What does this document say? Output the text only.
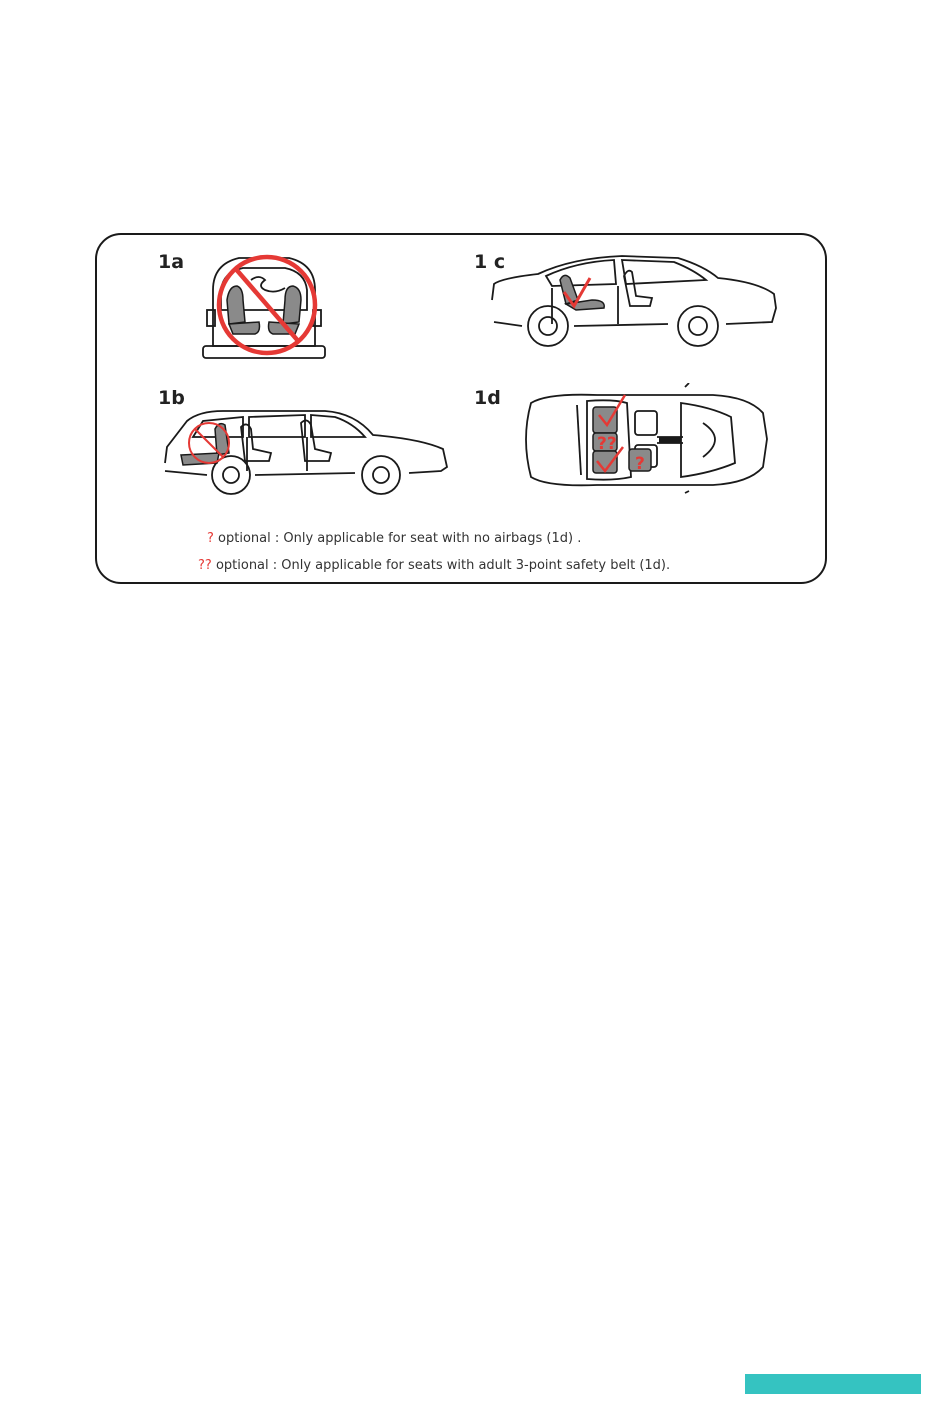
1a	1 c
1b	1d
??
?
? optional : Only applicable for seat with no airbags (1d) .
?? optional : Only applicable for seats with adult 3-point safety belt (1d).
